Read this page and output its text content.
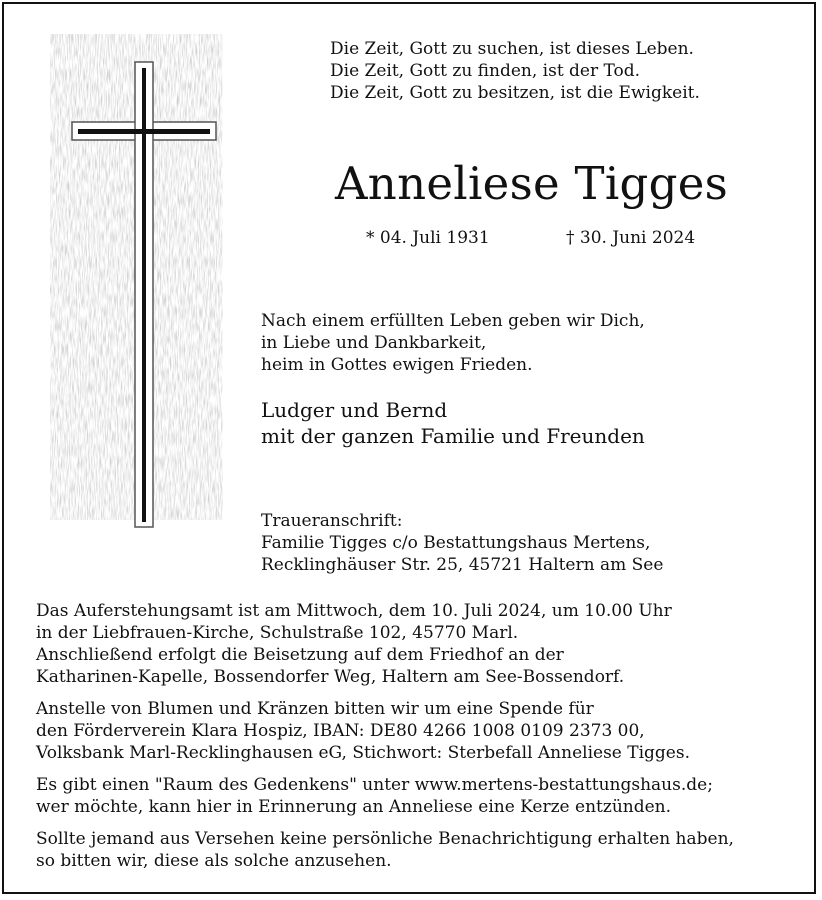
Die Zeit, Gott zu suchen, ist dieses Leben.
Die Zeit, Gott zu finden, ist der Tod.
Die Zeit, Gott zu besitzen, ist die Ewigkeit.
Anneliese Tigges
* 04. Juli 1931	† 30. Juni 2024
Nach einem erfüllten Leben geben wir Dich,
in Liebe und Dankbarkeit,
heim in Gottes ewigen Frieden.
Ludger und Bernd
mit der ganzen Familie und Freunden
Traueranschrift:
Familie Tigges c/o Bestattungshaus Mertens,
Recklinghäuser Str. 25, 45721 Haltern am See
Das Auferstehungsamt ist am Mittwoch, dem 10. Juli 2024, um 10.00 Uhr
in der Liebfrauen-Kirche, Schulstraße 102, 45770 Marl.
Anschließend erfolgt die Beisetzung auf dem Friedhof an der
Katharinen-Kapelle, Bossendorfer Weg, Haltern am See-Bossendorf.
Anstelle von Blumen und Kränzen bitten wir um eine Spende für
den Förderverein Klara Hospiz, IBAN: DE80 4266 1008 0109 2373 00,
Volksbank Marl-Recklinghausen eG, Stichwort: Sterbefall Anneliese Tigges.
Es gibt einen "Raum des Gedenkens" unter www.mertens-bestattungshaus.de;
wer möchte, kann hier in Erinnerung an Anneliese eine Kerze entzünden.
Sollte jemand aus Versehen keine persönliche Benachrichtigung erhalten haben,
so bitten wir, diese als solche anzusehen.
